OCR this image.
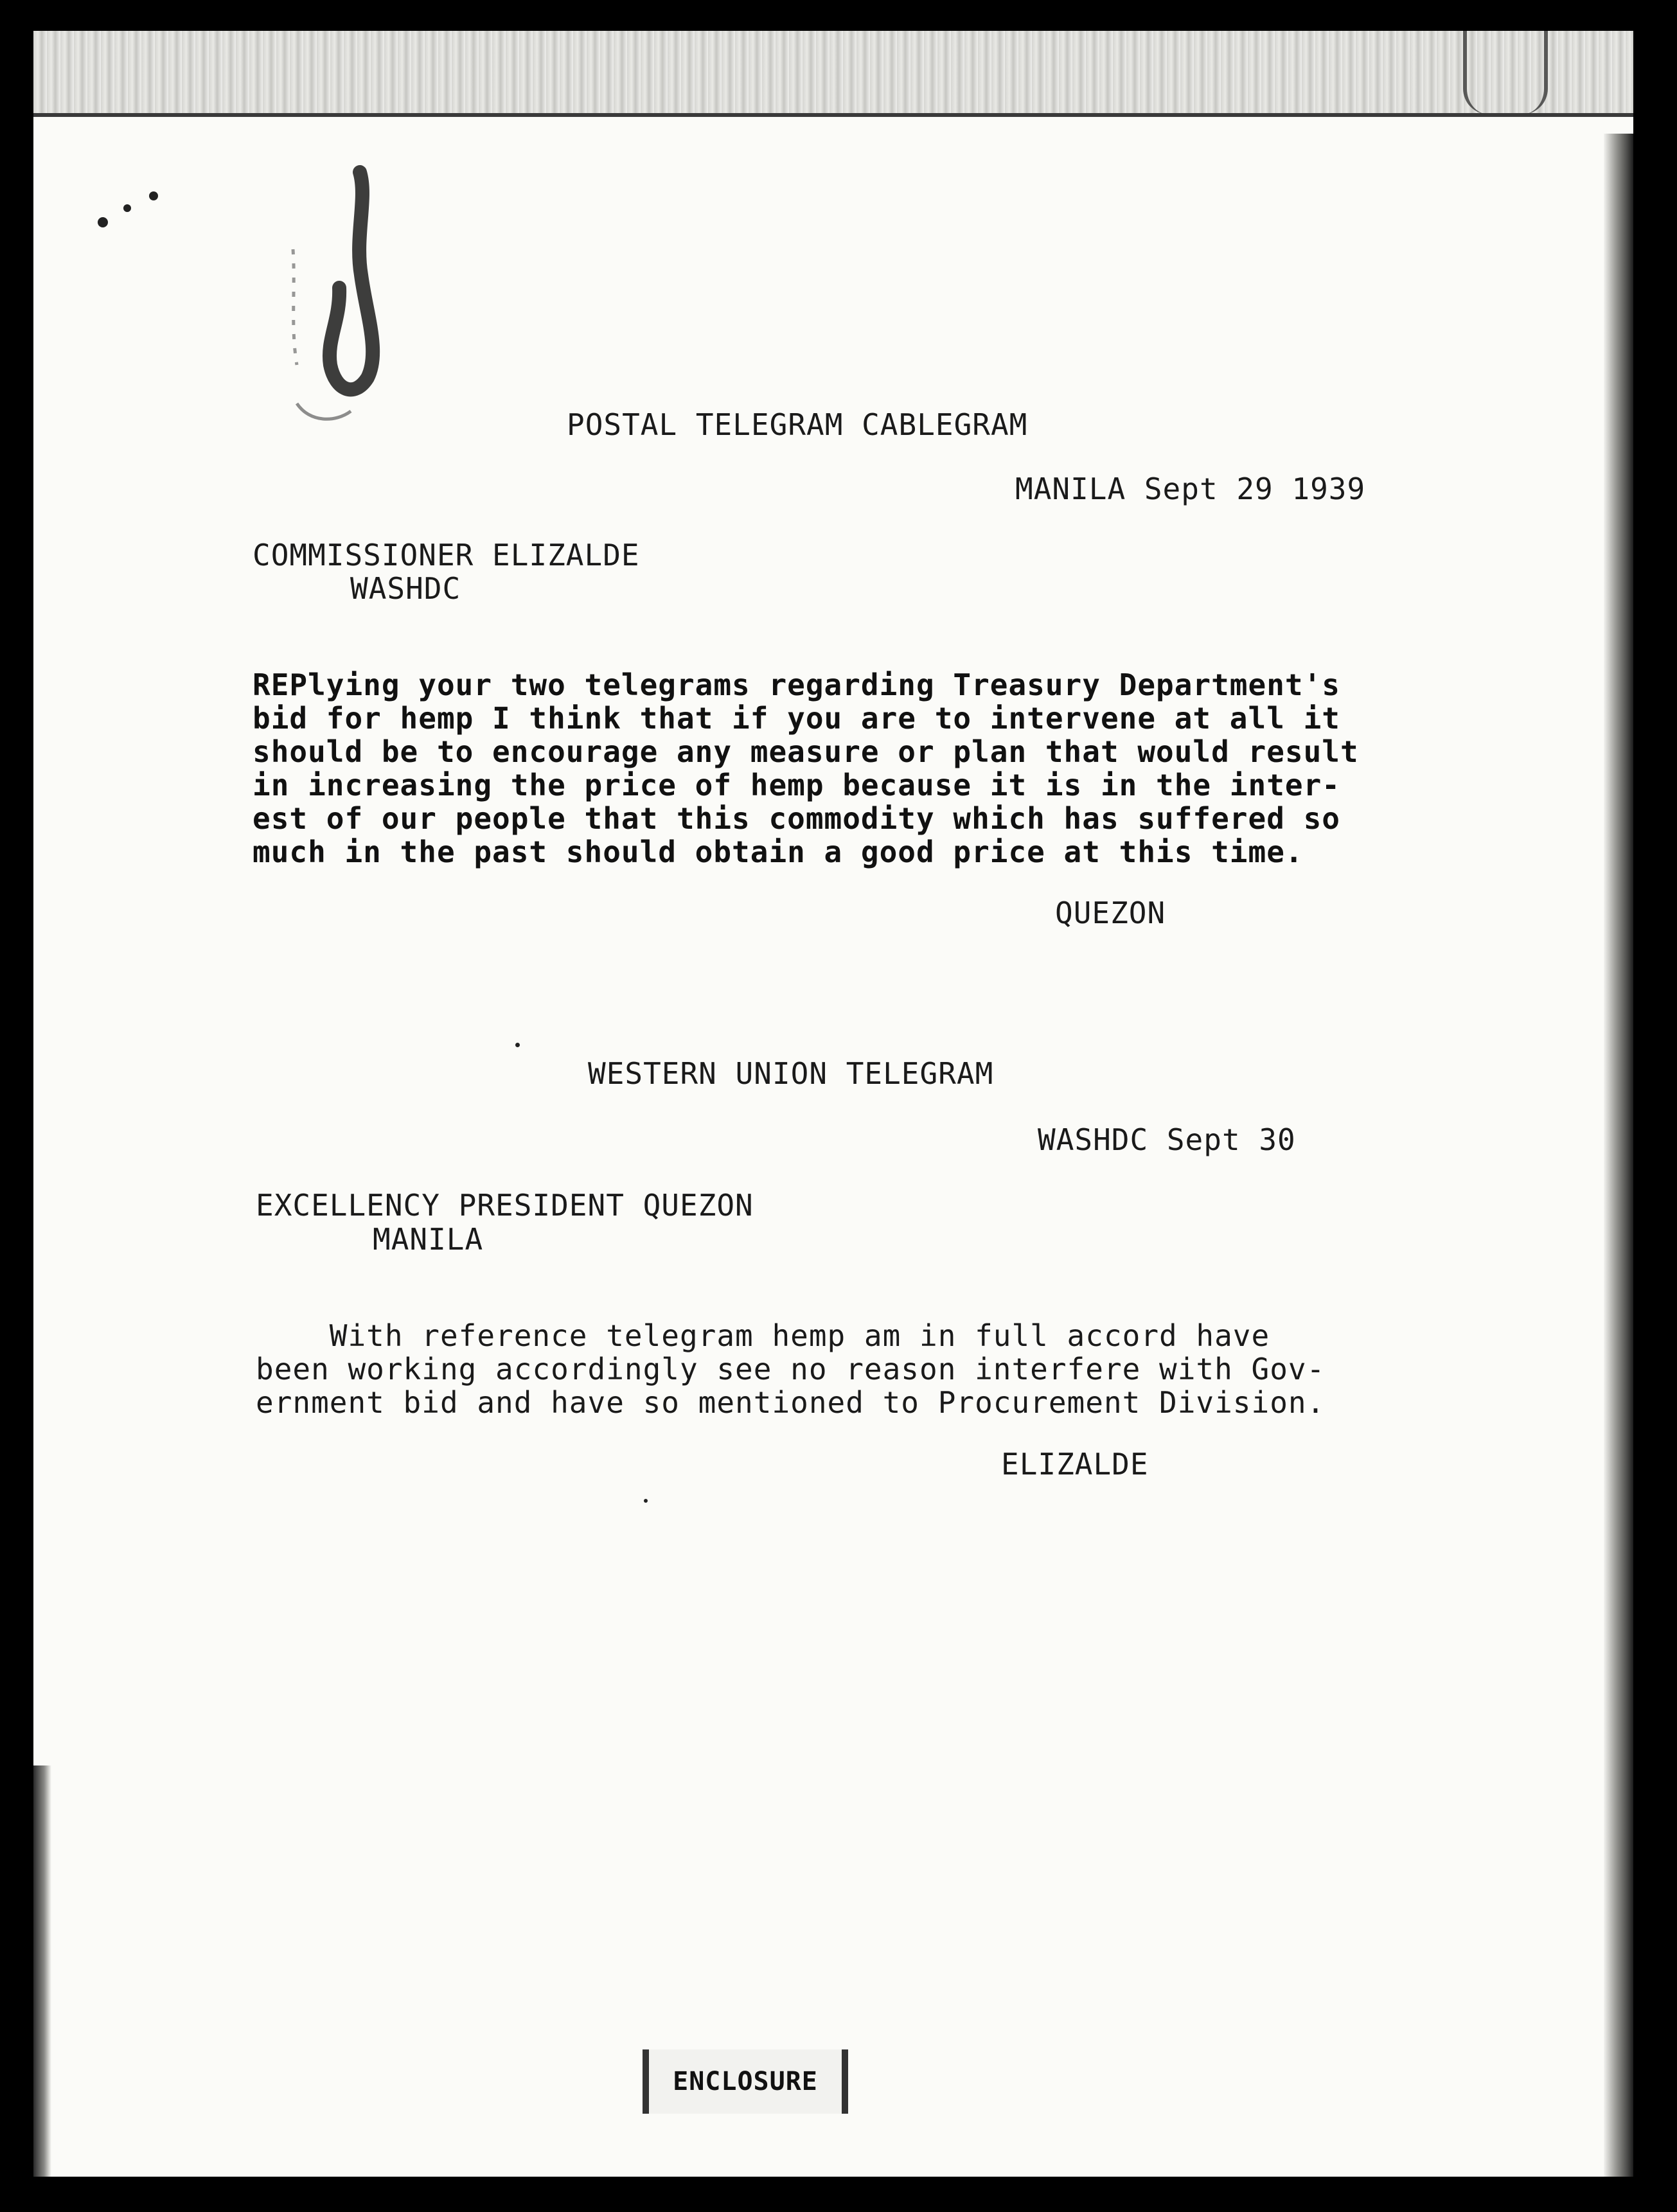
POSTAL TELEGRAM CABLEGRAM
MANILA Sept 29 1939
COMMISSIONER ELIZALDE
WASHDC
REPlying your two telegrams regarding Treasury Department's
bid for hemp I think that if you are to intervene at all it
should be to encourage any measure or plan that would result
in increasing the price of hemp because it is in the inter-
est of our people that this commodity which has suffered so
much in the past should obtain a good price at this time.
QUEZON
WESTERN UNION TELEGRAM
WASHDC Sept 30
EXCELLENCY PRESIDENT QUEZON
MANILA
With reference telegram hemp am in full accord have
been working accordingly see no reason interfere with Gov-
ernment bid and have so mentioned to Procurement Division.
ELIZALDE
ENCLOSURE
